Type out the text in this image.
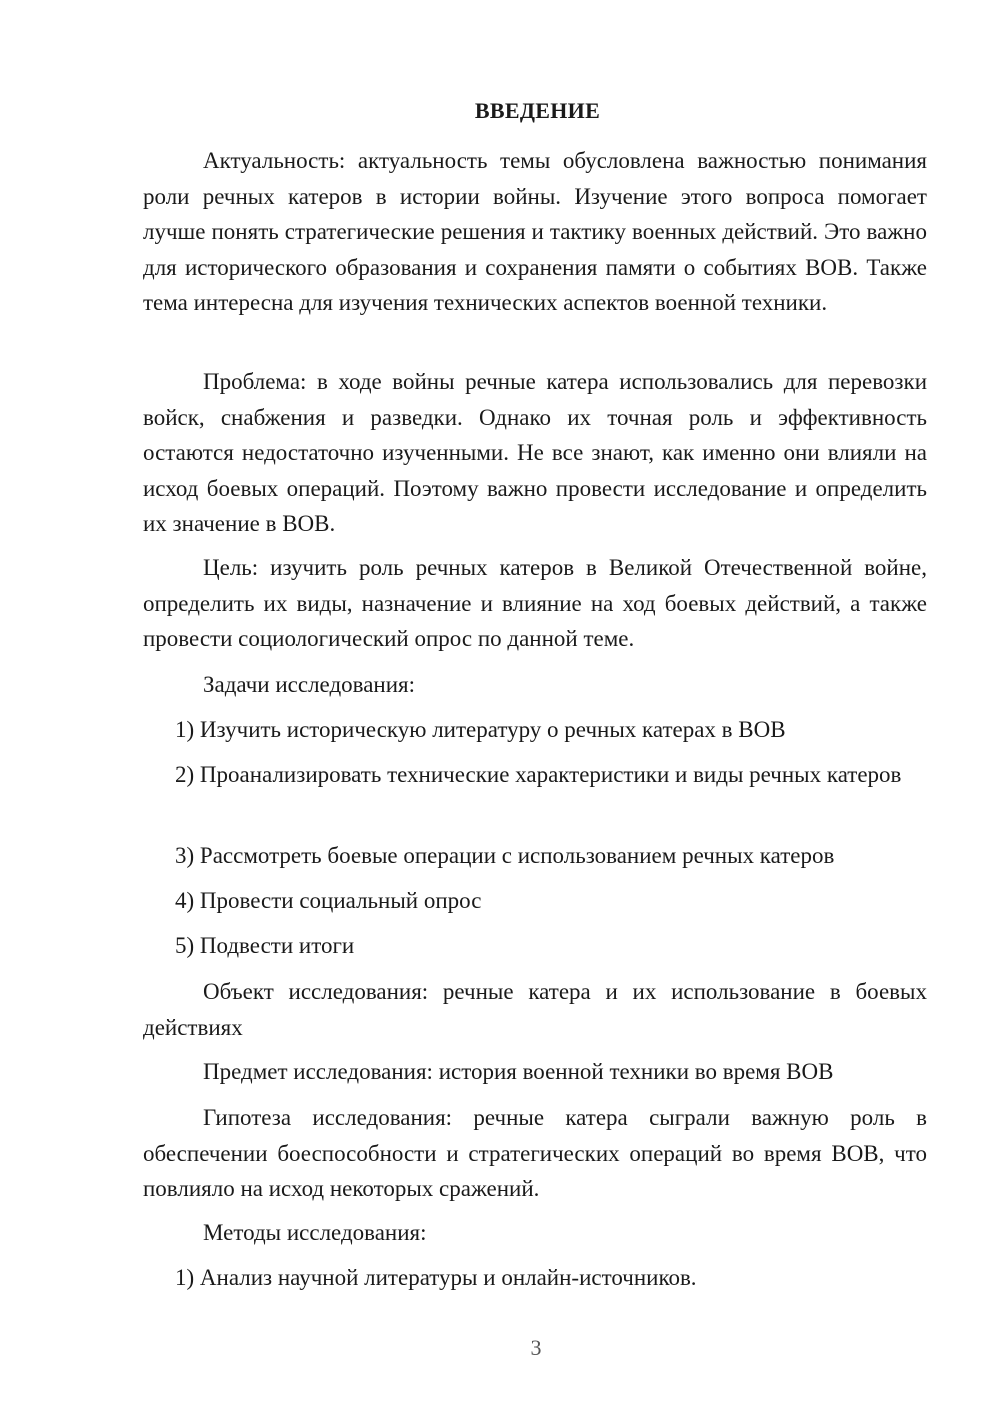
ВВЕДЕНИЕ

Актуальность: актуальность темы обусловлена важностью понимания роли речных катеров в истории войны. Изучение этого вопроса помогает лучше понять стратегические решения и тактику военных действий. Это важно для исторического образования и сохранения памяти о событиях ВОВ. Также тема интересна для изучения технических аспектов военной техники.

Проблема: в ходе войны речные катера использовались для перевозки войск, снабжения и разведки. Однако их точная роль и эффективность остаются недостаточно изученными. Не все знают, как именно они влияли на исход боевых операций. Поэтому важно провести исследование и определить их значение в ВОВ.

Цель: изучить роль речных катеров в Великой Отечественной войне, определить их виды, назначение и влияние на ход боевых действий, а также провести социологический опрос по данной теме.

Задачи исследования:

1) Изучить историческую литературу о речных катерах в ВОВ

2) Проанализировать технические характеристики и виды речных катеров

3) Рассмотреть боевые операции с использованием речных катеров

4) Провести социальный опрос

5) Подвести итоги

Объект исследования: речные катера и их использование в боевых действиях

Предмет исследования: история военной техники во время ВОВ

Гипотеза исследования: речные катера сыграли важную роль в обеспечении боеспособности и стратегических операций во время ВОВ, что повлияло на исход некоторых сражений.

Методы исследования:

1) Анализ научной литературы и онлайн-источников.

3
